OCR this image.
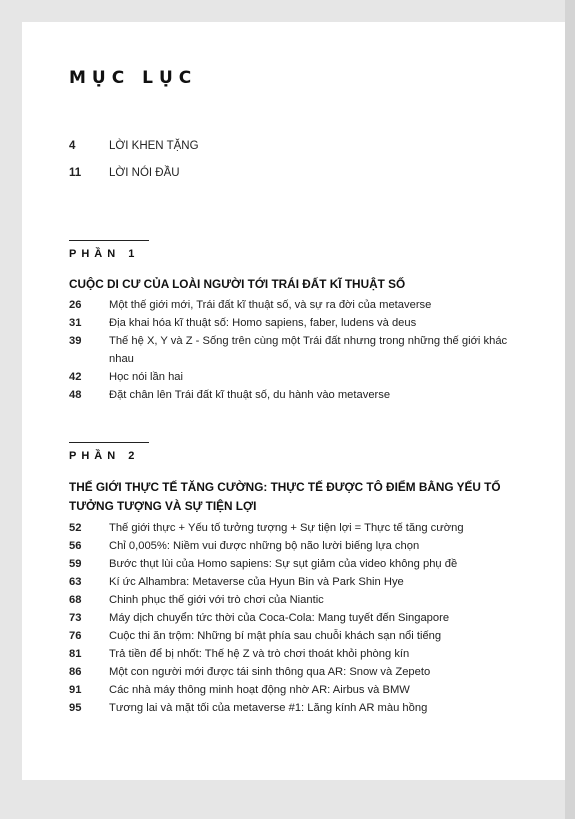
MỤC LỤC
4	LỜI KHEN TẶNG
11	LỜI NÓI ĐẦU
PHẦN 1
CUỘC DI CƯ CỦA LOÀI NGƯỜI TỚI TRÁI ĐẤT KĨ THUẬT SỐ
26	Một thế giới mới, Trái đất kĩ thuật số, và sự ra đời của metaverse
31	Địa khai hóa kĩ thuật số: Homo sapiens, faber, ludens và deus
39	Thế hệ X, Y và Z - Sống trên cùng một Trái đất nhưng trong những thế giới khác nhau
42	Học nói lần hai
48	Đặt chân lên Trái đất kĩ thuật số, du hành vào metaverse
PHẦN 2
THẾ GIỚI THỰC TẾ TĂNG CƯỜNG: THỰC TẾ ĐƯỢC TÔ ĐIỂM BẰNG YẾU TỐ TƯỞNG TƯỢNG VÀ SỰ TIỆN LỢI
52	Thế giới thực + Yếu tố tưởng tượng + Sự tiện lợi = Thực tế tăng cường
56	Chỉ 0,005%: Niềm vui được những bộ não lười biếng lựa chọn
59	Bước thụt lùi của Homo sapiens: Sự sụt giảm của video không phụ đề
63	Kí ức Alhambra: Metaverse của Hyun Bin và Park Shin Hye
68	Chinh phục thế giới với trò chơi của Niantic
73	Máy dịch chuyển tức thời của Coca-Cola: Mang tuyết đến Singapore
76	Cuộc thi ăn trộm: Những bí mật phía sau chuỗi khách sạn nổi tiếng
81	Trả tiền để bị nhốt: Thế hệ Z và trò chơi thoát khỏi phòng kín
86	Một con người mới được tái sinh thông qua AR: Snow và Zepeto
91	Các nhà máy thông minh hoạt động nhờ AR: Airbus và BMW
95	Tương lai và mặt tối của metaverse #1: Lăng kính AR màu hồng
